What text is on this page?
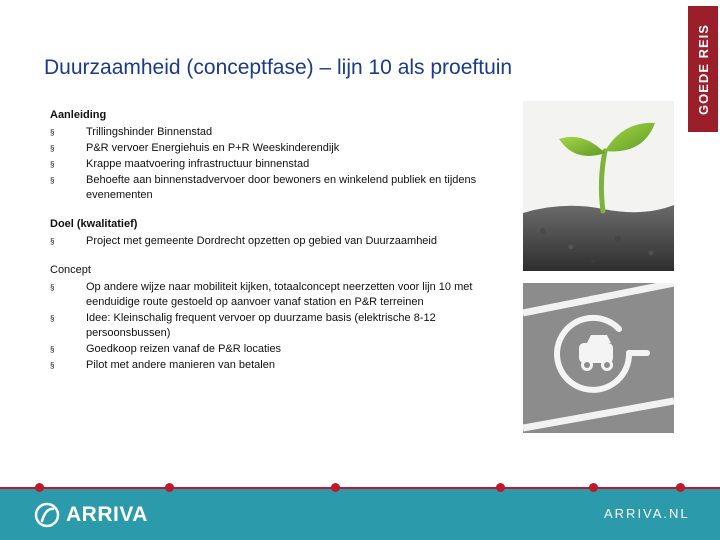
Duurzaamheid (conceptfase) – lijn 10 als proeftuin	GOEDE REIS
Aanleiding
§	Trillingshinder Binnenstad
§	P&R vervoer Energiehuis en P+R Weeskinderendijk
§	Krappe maatvoering infrastructuur binnenstad
§	Behoefte aan binnenstadvervoer door bewoners en winkelend publiek en tijdens evenementen
Doel (kwalitatief)
§	Project met gemeente Dordrecht opzetten op gebied van Duurzaamheid
Concept
§	Op andere wijze naar mobiliteit kijken, totaalconcept neerzetten voor lijn 10 met eenduidige route gestoeld op aanvoer vanaf station en P&R terreinen
§	Idee: Kleinschalig frequent vervoer op duurzame basis (elektrische 8-12 persoonsbussen)
§	Goedkoop reizen vanaf de P&R locaties
§	Pilot met andere manieren van betalen
ARRIVA	ARRIVA.NL
